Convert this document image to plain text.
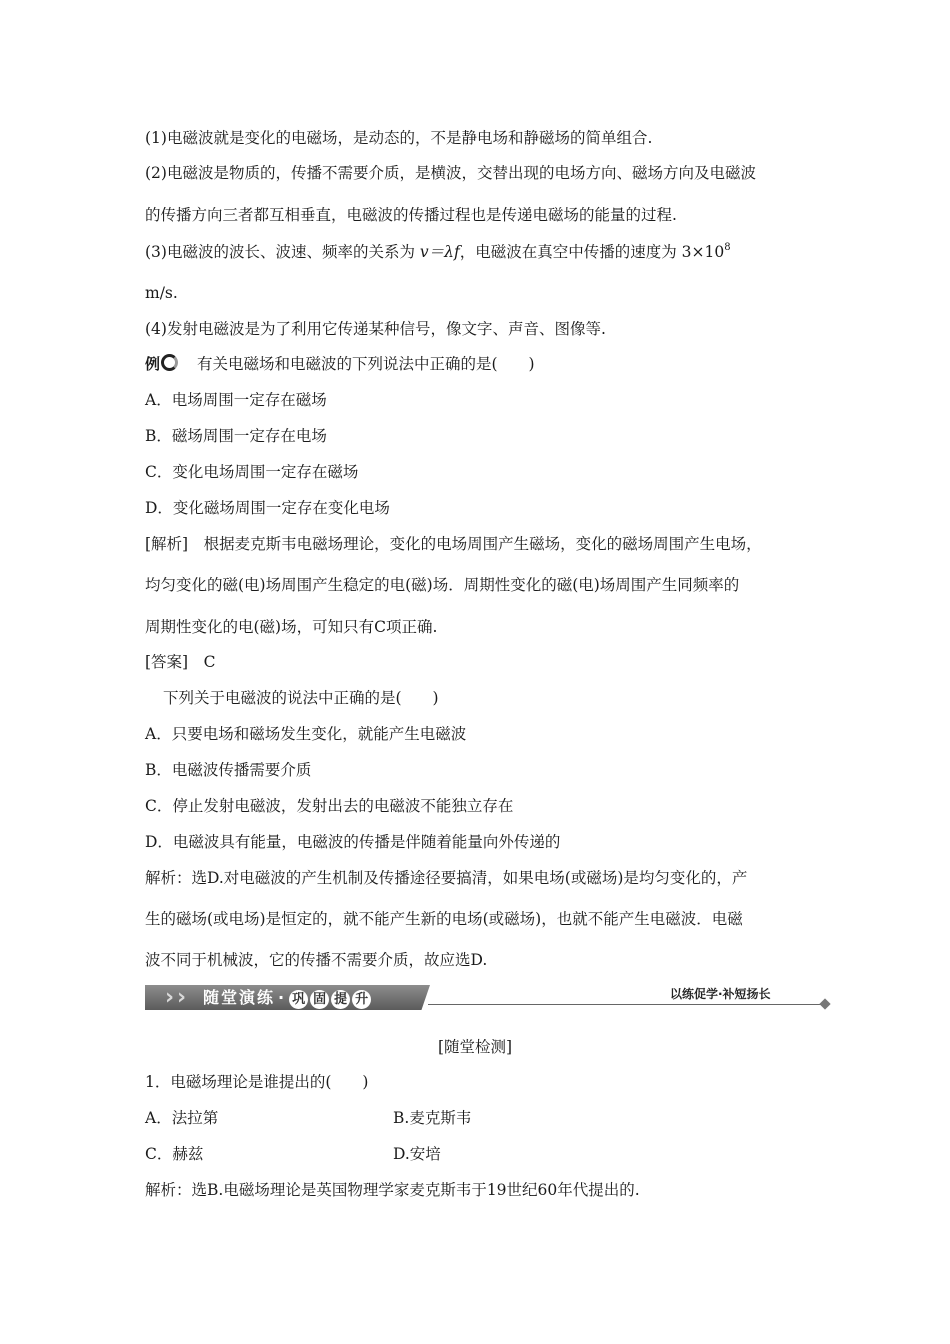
(1)电磁波就是变化的电磁场，是动态的，不是静电场和静磁场的简单组合.
(2)电磁波是物质的，传播不需要介质，是横波，交替出现的电场方向、磁场方向及电磁波
的传播方向三者都互相垂直，电磁波的传播过程也是传递电磁场的能量的过程.
(3)电磁波的波长、波速、频率的关系为 v＝λf，电磁波在真空中传播的速度为 $3\times 10^8$
m/s.
(4)发射电磁波是为了利用它传递某种信号，像文字、声音、图像等.
例 有关电磁场和电磁波的下列说法中正确的是(　　)
A．电场周围一定存在磁场
B．磁场周围一定存在电场
C．变化电场周围一定存在磁场
D．变化磁场周围一定存在变化电场
[解析]　根据麦克斯韦电磁场理论，变化的电场周围产生磁场，变化的磁场周围产生电场，
均匀变化的磁(电)场周围产生稳定的电(磁)场．周期性变化的磁(电)场周围产生同频率的
周期性变化的电(磁)场，可知只有C项正确.
[答案]　C
下列关于电磁波的说法中正确的是(　　)
A．只要电场和磁场发生变化，就能产生电磁波
B．电磁波传播需要介质
C．停止发射电磁波，发射出去的电磁波不能独立存在
D．电磁波具有能量，电磁波的传播是伴随着能量向外传递的
解析：选D.对电磁波的产生机制及传播途径要搞清，如果电场(或磁场)是均匀变化的，产
生的磁场(或电场)是恒定的，就不能产生新的电场(或磁场)，也就不能产生电磁波．电磁
波不同于机械波，它的传播不需要介质，故应选D.
› ›	随堂演练 · 巩 固 提 升	以练促学·补短扬长
[随堂检测]
1．电磁场理论是谁提出的(　　)
A．法拉第	B.麦克斯韦
C．赫兹	D.安培
解析：选B.电磁场理论是英国物理学家麦克斯韦于19世纪60年代提出的.
